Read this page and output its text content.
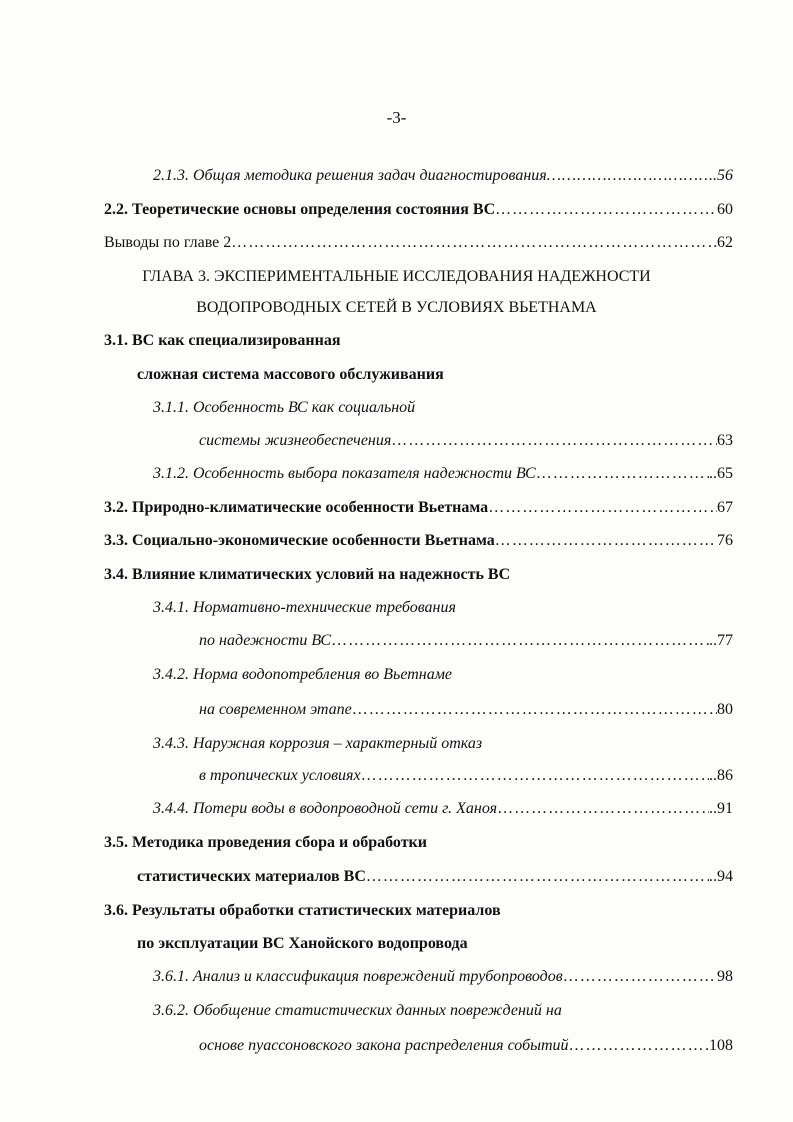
-3-
2.1.3. Общая методика решения задач диагностирования ……………………………………………………………………………………………………………………………………………………………………………………	..56
2.2. Теоретические основы определения состояния ВС ……………………………………………………………………………………………………………………………………………………………………………………	60
Выводы по главе 2 ……………………………………………………………………………………………………………………………………………………………………………………	62
ГЛАВА 3. ЭКСПЕРИМЕНТАЛЬНЫЕ ИССЛЕДОВАНИЯ НАДЕЖНОСТИ
ВОДОПРОВОДНЫХ СЕТЕЙ В УСЛОВИЯХ ВЬЕТНАМА
3.1. ВС как специализированная
сложная система массового обслуживания
3.1.1. Особенность ВС как социальной
системы жизнеобеспечения ……………………………………………………………………………………………………………………………………………………………………………………	63
3.1.2. Особенность выбора показателя надежности ВС ……………………………………………………………………………………………………………………………………………………………………………………	..65
3.2. Природно-климатические особенности Вьетнама ……………………………………………………………………………………………………………………………………………………………………………………	67
3.3. Социально-экономические особенности Вьетнама ……………………………………………………………………………………………………………………………………………………………………………………	76
3.4. Влияние климатических условий на надежность ВС
3.4.1. Нормативно-технические требования
по надежности ВС ……………………………………………………………………………………………………………………………………………………………………………………	..77
3.4.2. Норма водопотребления во Вьетнаме
на современном этапе ……………………………………………………………………………………………………………………………………………………………………………………	80
3.4.3. Наружная коррозия – характерный отказ
в тропических условиях ……………………………………………………………………………………………………………………………………………………………………………………	..86
3.4.4. Потери воды в водопроводной сети г. Ханоя ……………………………………………………………………………………………………………………………………………………………………………………	..91
3.5. Методика проведения сбора и обработки
статистических материалов ВС ……………………………………………………………………………………………………………………………………………………………………………………	..94
3.6. Результаты обработки статистических материалов
по эксплуатации ВС Ханойского водопровода
3.6.1. Анализ и классификация повреждений трубопроводов ……………………………………………………………………………………………………………………………………………………………………………………	98
3.6.2. Обобщение статистических данных повреждений на
основе пуассоновского закона распределения событий ……………………………………………………………………………………………………………………………………………………………………………………	108
